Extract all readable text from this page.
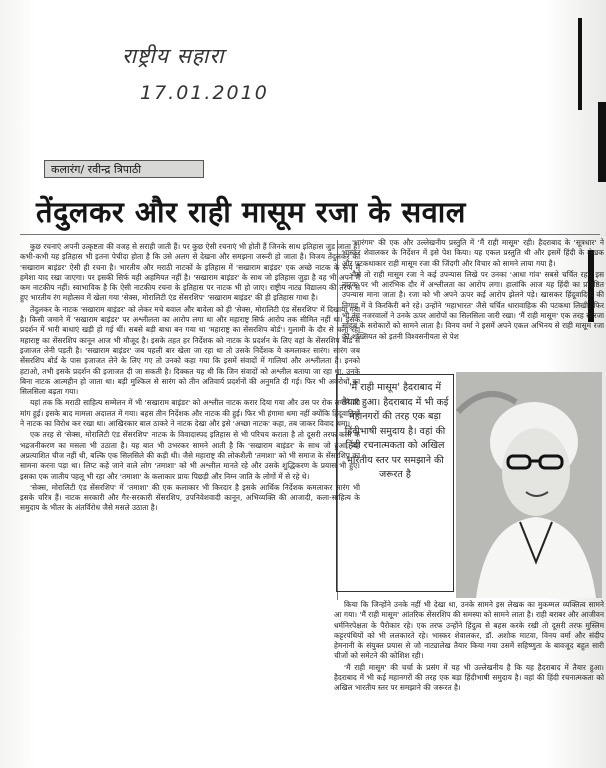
राष्ट्रीय सहारा
17.01.2010
कलारंग/ रवीन्द्र त्रिपाठी
तेंदुलकर और राही मासूम रजा के सवाल

कुछ रचनाएं अपनी उत्कृष्टता की वजह से सराही जाती हैं। पर कुछ ऐसी रचनाएं भी होती हैं जिनके साथ इतिहास जुड़ जाता है। कभी-कभी यह इतिहास भी इतना पेचीदा होता है कि उसे अलग से देखना और समझना जरूरी हो जाता है। विजय तेंदुलकर का 'सखाराम बाइंडर' ऐसी ही रचना है। भारतीय और मराठी नाटकों के इतिहास में 'सखाराम बाइंडर' एक अच्छे नाटक के रूप में हमेशा याद रखा जाएगा। पर इसकी सिर्फ यही अहमियत नहीं है। 'सखाराम बाइंडर' के साथ जो इतिहास जुड़ा है वह भी अपने में कम नाटकीय नहीं। स्वाभाविक है कि ऐसी नाटकीय रचना के इतिहास पर नाटक भी हो जाए। राष्ट्रीय नाट्य विद्यालय की तरफ से हुए भारतीय रंग महोत्सव में खेला गया 'सेक्स, मोरालिटी एंड सेंसरशिप' 'सखाराम बाइंडर' की ही इतिहास गाथा है।

तेंदुलकर के नाटक 'सखाराम बाइंडर' को लेकर मचे बवाल और बावेला को ही 'सेक्स, मोरालिटी एंड सेंसरशिप' में दिखाया गया है। किसी जमाने में 'सखाराम बाइंडर' पर अश्लीलता का आरोप लगा था और महाराष्ट्र सिर्फ आरोप तक सीमित नहीं था। इसके प्रदर्शन में भारी बाधाएं खड़ी हो गई थीं। सबसे बड़ी बाधा बन गया था 'महाराष्ट्र का सेंसरशिप बोर्ड'। गुलामी के दौर से चला रहा महाराष्ट्र का सेंसरशिप कानून आज भी मौजूद है। इसके तहत हर निर्देशक को नाटक के प्रदर्शन के लिए वहां के सेंसरशिप बोर्ड से इजाजत लेनी पड़ती है। 'सखाराम बाइंडर' जब पहली बार खेला जा रहा था तो उसके निर्देशक ये कमलाकर सारंग। सारंग जब सेंसरशिप बोर्ड के पास इजाजत लेने के लिए गए तो उनको कहा गया कि इसमें संवादों में गालियां और अश्लीलता है। इनको हटाओ, तभी इसके प्रदर्शन की इजाजत दी जा सकती है। दिक्कत यह थी कि जिन संवादों को अश्लील बताया जा रहा था, उनके बिना नाटक आत्महीन हो जाता था। बड़ी मुश्किल से सारंग को तीन अतिवार्य प्रदर्शनों की अनुमति दी गई। फिर भी अवरोधों का सिलसिला बढ़ता गया।

यहां तक कि मराठी साहित्य सम्मेलन में भी 'सखाराम बाइंडर' को अश्लील नाटक करार दिया गया और उस पर रोक लगाने की मांग हुई। इसके बाद मामला अदालत में गया। बहस तीन निर्देशक और नाटक की हुई। फिर भी हंगामा थमा नहीं क्योंकि हिंदूवादियों ने नाटक का विरोध कर रखा था। आखिरकार बाल ठाकरे ने नाटक देखा और इसे 'अच्छा नाटक' कहा, तब जाकर विवाद थमा।

एक तरह से 'सेक्स, मोरालिटी एंड सेंसरशिप' नाटक के विवादास्पद इतिहास से भी परिचय कराता है तो दूसरी तरफ कला के भद्रजनीकरण का मसला भी उठाता है। यह बात भी उभरकर सामने आती है कि 'सखाराम बाइंडर' के साथ जो हुआ, वह अप्रत्याशित चीज नहीं थी, बल्कि एक सिलसिले की कड़ी थी। जैसे महाराष्ट्र की लोकशैली 'तमाशा' को भी समाज के सेंसरशिप का सामना करना पड़ा था। लिप्ट कहे जाने वाले लोग 'तमाशा' को भी अश्लील मानते रहे और उसके शुद्धिकरण के प्रयास भी हुए। इसका एक जातीय पहलू भी रहा और 'तमाशा' के कलाकार प्रायः पिछड़ी और निम्न जाति के लोगों में से रहे थे।

'सेक्स, मोरालिटी एंड सेंसरशिप' में 'तमाशा' की एक कलाकार भी किरदार है इसके आर्थिक निर्देशक कमलाकर सारंग भी इसके चरित्र हैं। नाटक सरकारी और गैर-सरकारी सेंसरशिप, उपनिवेशवादी कानून, अभिव्यक्ति की आजादी, कला-साहित्य के समुदाय के भीतर के अंतर्विरोध जैसे मसले उठाता है।

'भारंगम' की एक और उल्लेखनीय प्रस्तुति में 'मैं राही मासूम' रही। हैदराबाद के 'सूत्रधार' ने भास्कर शेवालकर के निर्देशन में इसे पेश किया। यह एकल प्रस्तुति थी और इसमें हिंदी के लेखक और पटकथाकार राही मासूम रजा की जिंदगी और विचार को सामने लाया गया है।

वैसे तो राही मासूम रजा ने कई उपन्यास लिखे पर उनका 'आधा गांव' सबसे चर्चित रहा। इस नाटक पर भी आरंभिक दौर में अश्लीलता का आरोप लगा। हालांकि आज यह हिंदी का प्रतिष्ठित उपन्यास माना जाता है। रजा को भी अपने ऊपर कई आरोप झेलने पड़े। खासकर हिंदूवादियों की निगाह में वे किरकिरी बने रहे। उन्होंने 'महाभारत' जैसे चर्चित धारावाहिक की पटकथा लिखी, फिर भी तंग नजरवालों ने उनके ऊपर आरोपों का सिलसिला जारी रखा। 'मैं राही मासूम' एक तरह से रजा साहब के सरोकारों को सामने लाता है। विनय वर्मा ने इसमें अपने एकल अभिनय से राही मासूम रजा की शख्सियत को इतनी विश्वसनीयता से पेश

'मैं राही मासूम' हैदराबाद में तैयार हुआ। हैदराबाद में भी कई महानगरों की तरह एक बड़ा हिंदीभाषी समुदाय है। वहां की हिंदी रचनात्मकता को अखिल भारतीय स्तर पर समझाने की जरूरत है

किया कि जिन्होंने उनके नहीं भी देखा था, उनके सामने इस लेखक का मुकम्मल व्यक्तित्व सामने आ गया। 'मैं राही मासूम' आंतरिक सेंसरशिप की समस्या को सामने लाता है। राही बराबर और आजीवन धर्मनिरपेक्षता के पैरोकार रहे। एक तरफ उन्होंने हिंदुत्व से बहस करके रखी तो दूसरी तरफ मुस्लिम कट्टरपंथियों को भी ललकारते रहे। भास्कर शेवालकर, डॉ. अशोक माटवा, विनय वर्मा और संदीप हेमनानी के संयुक्त प्रयास से जो नाट्यालेख तैयार किया गया उसमें सहिष्णुता के बावजूद बहुत सारी चीजों को समेटने की कोशिश रही।

'मैं राही मासूम' की चर्चा के प्रसंग में यह भी उल्लेखनीय है कि यह हैदराबाद में तैयार हुआ। हैदराबाद में भी कई महानगरों की तरह एक बड़ा हिंदीभाषी समुदाय है। वहां की हिंदी रचनात्मकता को अखिल भारतीय स्तर पर समझाने की जरूरत है।
